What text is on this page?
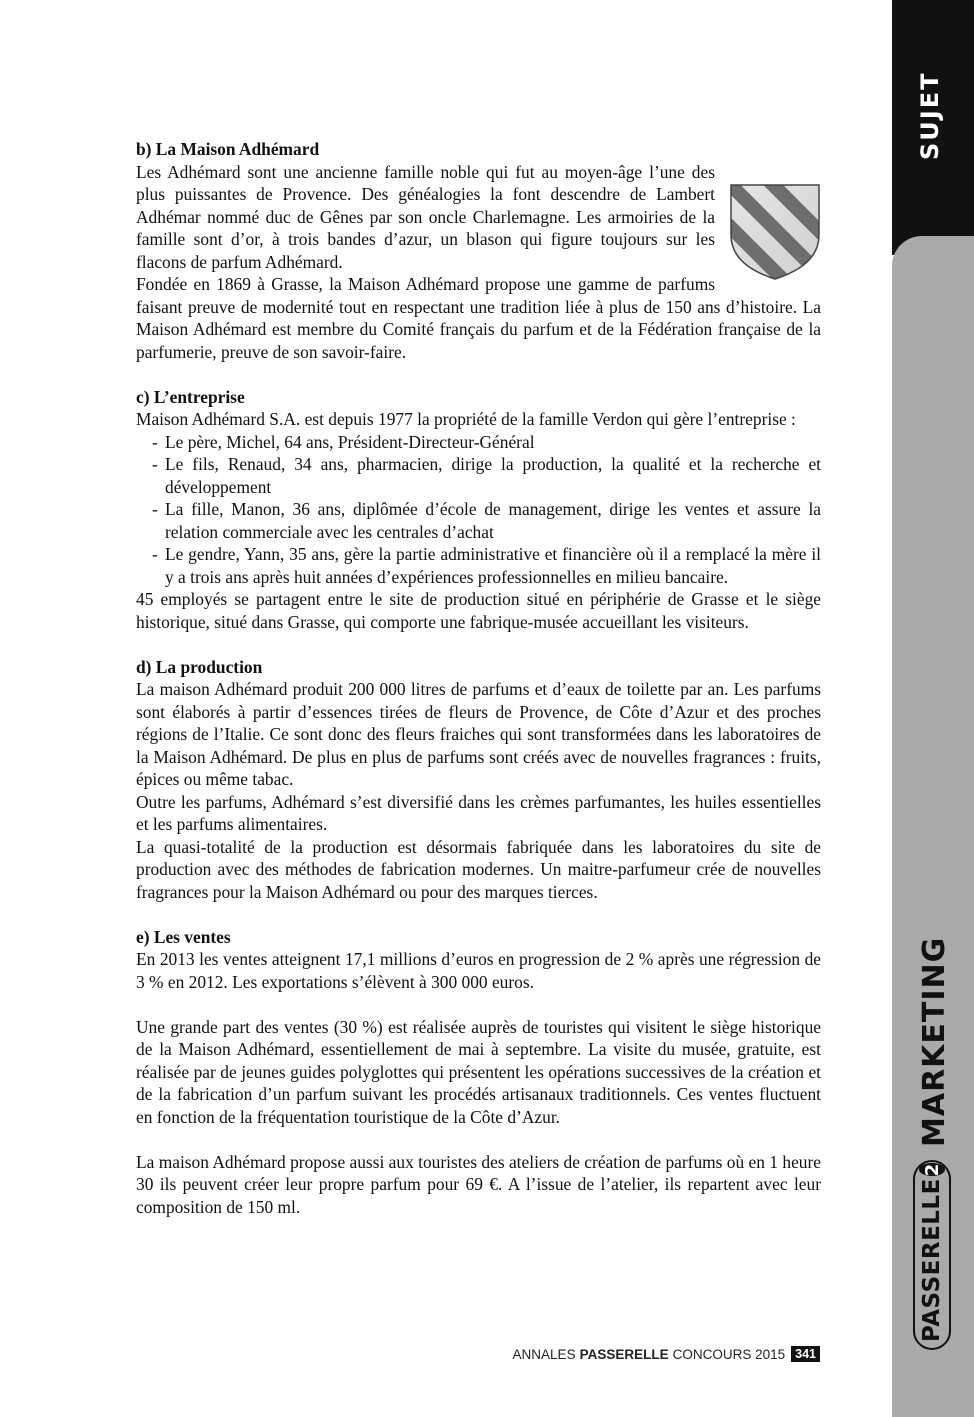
SUJET
MARKETING
PASSERELLE
2
b) La Maison Adhémard

Les Adhémard sont une ancienne famille noble qui fut au moyen-âge l’une des plus puissantes de Provence. Des généalogies la font descendre de Lambert Adhémar nommé duc de Gênes par son oncle Charlemagne. Les armoiries de la famille sont d’or, à trois bandes d’azur, un blason qui figure toujours sur les flacons de parfum Adhémard.

Fondée en 1869 à Grasse, la Maison Adhémard propose une gamme de parfums faisant preuve de modernité tout en respectant une tradition liée à plus de 150 ans d’histoire. La Maison Adhémard est membre du Comité français du parfum et de la Fédération française de la parfumerie, preuve de son savoir-faire.

c) L’entreprise

Maison Adhémard S.A. est depuis 1977 la propriété de la famille Verdon qui gère l’entreprise :

- Le père, Michel, 64 ans, Président-Directeur-Général
- Le fils, Renaud, 34 ans, pharmacien, dirige la production, la qualité et la recherche et développement
- La fille, Manon, 36 ans, diplômée d’école de management, dirige les ventes et assure la relation commerciale avec les centrales d’achat
- Le gendre, Yann, 35 ans, gère la partie administrative et financière où il a remplacé la mère il y a trois ans après huit années d’expériences professionnelles en milieu bancaire.

45 employés se partagent entre le site de production situé en périphérie de Grasse et le siège historique, situé dans Grasse, qui comporte une fabrique-musée accueillant les visiteurs.

d) La production

La maison Adhémard produit 200 000 litres de parfums et d’eaux de toilette par an. Les parfums sont élaborés à partir d’essences tirées de fleurs de Provence, de Côte d’Azur et des proches régions de l’Italie. Ce sont donc des fleurs fraiches qui sont transformées dans les laboratoires de la Maison Adhémard. De plus en plus de parfums sont créés avec de nouvelles fragrances : fruits, épices ou même tabac.

Outre les parfums, Adhémard s’est diversifié dans les crèmes parfumantes, les huiles essentielles et les parfums alimentaires.

La quasi-totalité de la production est désormais fabriquée dans les laboratoires du site de production avec des méthodes de fabrication modernes. Un maitre-parfumeur crée de nouvelles fragrances pour la Maison Adhémard ou pour des marques tierces.

e) Les ventes

En 2013 les ventes atteignent 17,1 millions d’euros en progression de 2 % après une régression de 3 % en 2012. Les exportations s’élèvent à 300 000 euros.

Une grande part des ventes (30 %) est réalisée auprès de touristes qui visitent le siège historique de la Maison Adhémard, essentiellement de mai à septembre. La visite du musée, gratuite, est réalisée par de jeunes guides polyglottes qui présentent les opérations successives de la création et de la fabrication d’un parfum suivant les procédés artisanaux traditionnels. Ces ventes fluctuent en fonction de la fréquentation touristique de la Côte d’Azur.

La maison Adhémard propose aussi aux touristes des ateliers de création de parfums où en 1 heure 30 ils peuvent créer leur propre parfum pour 69 €. A l’issue de l’atelier, ils repartent avec leur composition de 150 ml.

ANNALES PASSERELLE CONCOURS 2015 341
